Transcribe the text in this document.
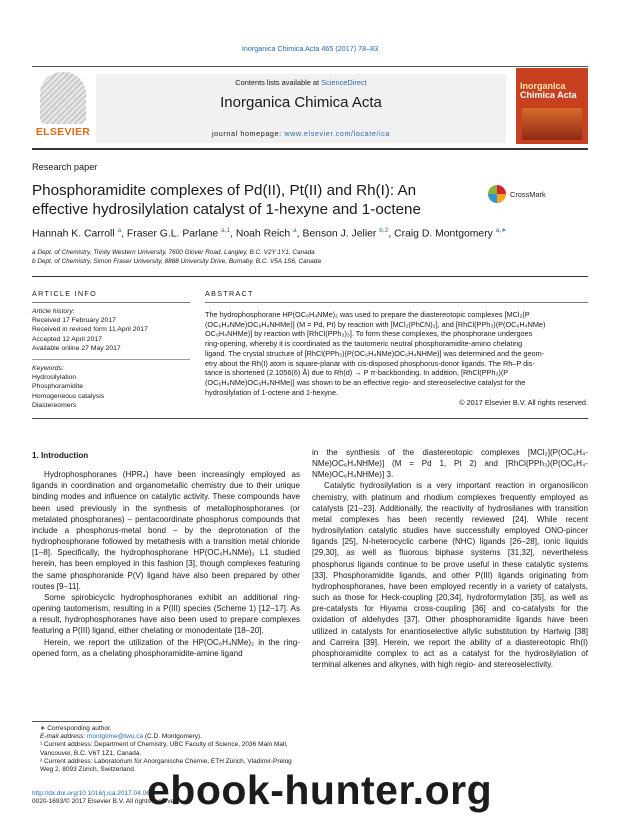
Inorganica Chimica Acta 465 (2017) 78–83
Contents lists available at ScienceDirect
Inorganica Chimica Acta
journal homepage: www.elsevier.com/locate/ica
ELSEVIER
Inorganica
Chimica Acta
Research paper
Phosphoramidite complexes of Pd(II), Pt(II) and Rh(I): An effective hydrosilylation catalyst of 1-hexyne and 1-octene
CrossMark
Hannah K. Carroll $^a$, Fraser G.L. Parlane $^{a,1}$, Noah Reich $^a$, Benson J. Jelier $^{b,2}$, Craig D. Montgomery $^{a,∗}$
a Dept. of Chemistry, Trinity Western University, 7600 Glover Road, Langley, B.C. V2Y 1Y1, Canada
b Dept. of Chemistry, Simon Fraser University, 8888 University Drive, Burnaby, B.C. V5A 1S6, Canada
ARTICLE INFO
Article history:
Received 17 February 2017
Received in revised form 11 April 2017
Accepted 12 April 2017
Available online 27 May 2017
Keywords:
Hydrosilylation
Phosphoramidite
Homogeneous catalysis
Diastereomers
ABSTRACT
The hydrophosphorane HP(OC₆H₄NMe)₂ was used to prepare the diastereotopic complexes [MCl₂(P
(OC₆H₄NMe)OC₆H₄NHMe)] (M = Pd, Pt) by reaction with [MCl₂(PhCN)₂], and [RhCl(PPh₃)(P(OC₆H₄NMe)
OC₆H₄NHMe)] by reaction with [RhCl(PPh₃)₃]. To form these complexes, the phosphorane undergoes
ring-opening, whereby it is coordinated as the tautomeric neutral phosphoramidite-amino chelating
ligand. The crystal structure of [RhCl(PPh₃)(P(OC₆H₄NMe)OC₆H₄NHMe)] was determined and the geom-
etry about the Rh(I) atom is square-planar with cis-disposed phosphorus-donor ligands. The Rh–P dis-
tance is shortened (2.1056(6) Å) due to Rh(d) → P π-backbonding. In addition, [RhCl(PPh₃)(P
(OC₆H₄NMe)OC₆H₄NHMe)] was shown to be an effective regio- and stereoselective catalyst for the
hydrosilylation of 1-octene and 1-hexyne.
© 2017 Elsevier B.V. All rights reserved.

1. Introduction

Hydrophosphoranes (HPR₄) have been increasingly employed as ligands in coordination and organometallic chemistry due to their unique binding modes and influence on catalytic activity. These compounds have been used previously in the synthesis of metallophosphoranes (or metalated phosphoranes) – pentacoordinate phosphorus compounds that include a phosphorus-metal bond – by the deprotonation of the hydrophosphorane followed by metathesis with a transition metal chloride [1–8]. Specifically, the hydrophosphorane HP(OC₆H₄NMe)₂ L1 studied herein, has been employed in this fashion [3], though complexes featuring the same phosphoranide P(V) ligand have also been prepared by other routes [9–11].

Some spirobicyclic hydrophosphoranes exhibit an additional ring-opening tautomerism, resulting in a P(III) species (Scheme 1) [12–17]. As a result, hydrophosphoranes have also been used to prepare complexes featuring a P(III) ligand, either chelating or monodentate [18–20].

Herein, we report the utilization of the HP(OC₆H₄NMe)₂ in the ring-opened form, as a chelating phosphoramidite-amine ligand

in the synthesis of the diastereotopic complexes [MCl₂](P(OC₆H₄-NMe)OC₆H₄NHMe)] (M = Pd 1, Pt 2) and [RhCl(PPh₃)(P(OC₆H₄-NMe)OC₆H₄NHMe)] 3.

Catalytic hydrosilylation is a very important reaction in organosilicon chemistry, with platinum and rhodium complexes frequently employed as catalysts [21–23]. Additionally, the reactivity of hydrosilanes with transition metal complexes has been recently reviewed [24]. While recent hydrosilylation catalytic studies have successfully employed ONO-pincer ligands [25], N-heterocyclic carbene (NHC) ligands [26–28], ionic liquids [29,30], as well as fluorous biphase systems [31,32], nevertheless phosphorus ligands continue to be prove useful in these catalytic systems [33]. Phosphoramidite ligands, and other P(III) ligands originating from hydrophosphoranes, have been employed recently in a variety of catalysts, such as those for Heck-coupling [20,34], hydroformylation [35], as well as pre-catalysts for Hiyama cross-coupling [36] and co-catalysts for the oxidation of aldehydes [37]. Other phosphoramidite ligands have been utilized in catalysts for enantioselective allylic substitution by Hartwig [38] and Carreira [39]. Herein, we report the ability of a diastereotopic Rh(I) phosphoramidite complex to act as a catalyst for the hydrosilylation of terminal alkenes and alkynes, with high regio- and stereoselectivity.

∗ Corresponding author.
E-mail address: montgome@twu.ca (C.D. Montgomery).
¹ Current address: Department of Chemistry, UBC Faculty of Science, 2036 Main Mall, Vancouver, B.C. V6T 1Z1, Canada.
² Current address: Laboratorium für Anorganische Chemie, ETH Zürich, Vladimir-Prelog Weg 2, 8093 Zürich, Switzerland.
http://dx.doi.org/10.1016/j.ica.2017.04.065
0020-1693/© 2017 Elsevier B.V. All rights reserved.
ebook-hunter.org
